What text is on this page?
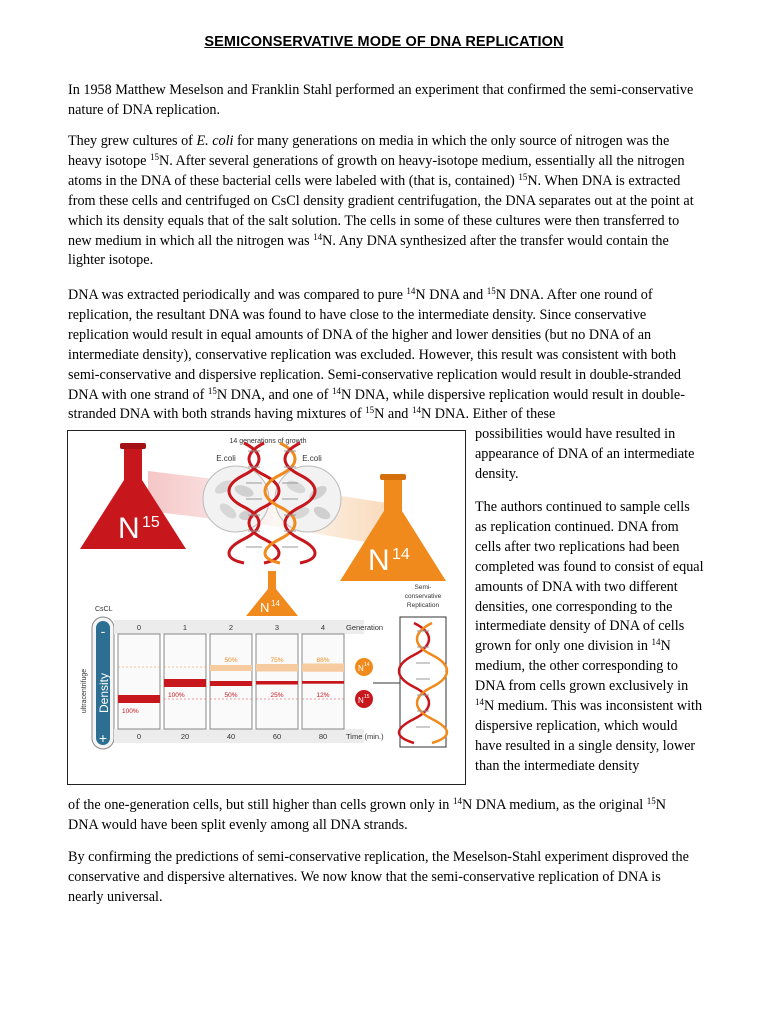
SEMICONSERVATIVE MODE OF DNA REPLICATION
In 1958 Matthew Meselson and Franklin Stahl performed an experiment that confirmed the semi-conservative nature of DNA replication.
They grew cultures of E. coli for many generations on media in which the only source of nitrogen was the heavy isotope $^{15}$N. After several generations of growth on heavy-isotope medium, essentially all the nitrogen atoms in the DNA of these bacterial cells were labeled with (that is, contained) $^{15}$N. When DNA is extracted from these cells and centrifuged on CsCl density gradient centrifugation, the DNA separates out at the point at which its density equals that of the salt solution. The cells in some of these cultures were then transferred to new medium in which all the nitrogen was $^{14}$N. Any DNA synthesized after the transfer would contain the lighter isotope.
DNA was extracted periodically and was compared to pure $^{14}$N DNA and $^{15}$N DNA. After one round of replication, the resultant DNA was found to have close to the intermediate density. Since conservative replication would result in equal amounts of DNA of the higher and lower densities (but no DNA of an intermediate density), conservative replication was excluded. However, this result was consistent with both semi-conservative and dispersive replication. Semi-conservative replication would result in double-stranded DNA with one strand of $^{15}$N DNA, and one of $^{14}$N DNA, while dispersive replication would result in double-stranded DNA with both strands having mixtures of $^{15}$N and $^{14}$N DNA. Either of these
possibilities would have resulted in appearance of DNA of an intermediate density.
The authors continued to sample cells as replication continued. DNA from cells after two replications had been completed was found to consist of equal amounts of DNA with two different densities, one corresponding to the intermediate density of DNA of cells grown for only one division in $^{14}$N medium, the other corresponding to DNA from cells grown exclusively in $^{14}$N medium. This was inconsistent with dispersive replication, which would have resulted in a single density, lower than the intermediate density
of the one-generation cells, but still higher than cells grown only in $^{14}$N DNA medium, as the original $^{15}$N DNA would have been split evenly among all DNA strands.
By confirming the predictions of semi-conservative replication, the Meselson-Stahl experiment disproved the conservative and dispersive alternatives. We now know that the semi-conservative replication of DNA is nearly universal.
N 15
N 14
14 generations of growth
E.coli	E.coli
N 14
CsCL
-
+
Density
ultracentrifuge
Generation
Time (min.)
0
0
100%
1
20
100%
2
40
50%
50%
3
60
75%
25%
4
80
88%
12%
N 14
N 15
Semi-
conservative
Replication
